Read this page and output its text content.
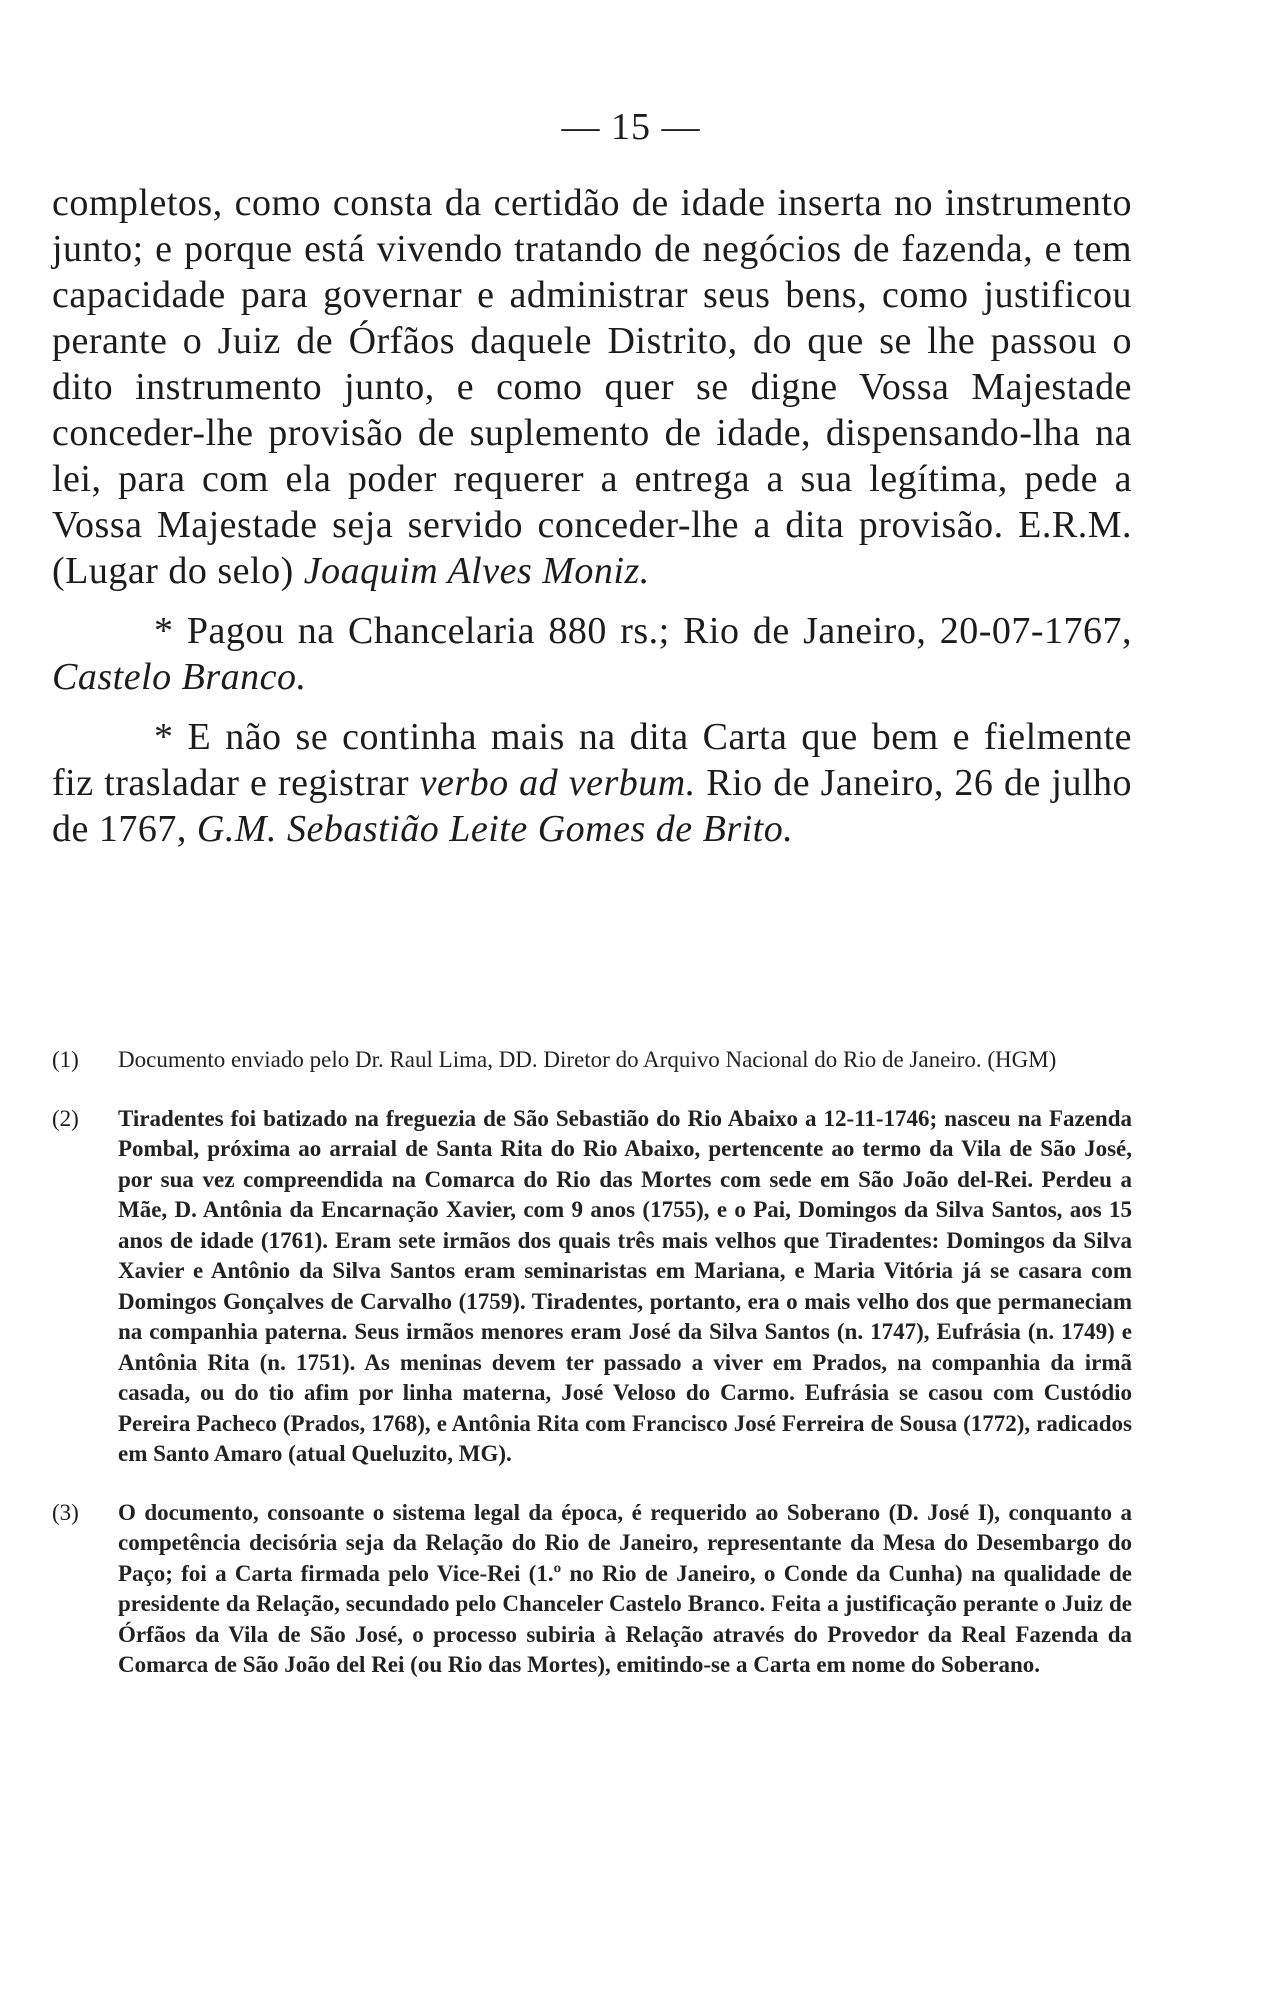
— 15 —

completos, como consta da certidão de idade inserta no instrumento junto; e porque está vivendo tratando de negócios de fazenda, e tem capacidade para governar e administrar seus bens, como justificou perante o Juiz de Órfãos daquele Distrito, do que se lhe passou o dito instrumento junto, e como quer se digne Vossa Majestade conceder-lhe provisão de suplemento de idade, dispensando-lha na lei, para com ela poder requerer a entrega a sua legítima, pede a Vossa Majestade seja servido conceder-lhe a dita provisão. E.R.M. (Lugar do selo) Joaquim Alves Moniz.

* Pagou na Chancelaria 880 rs.; Rio de Janeiro, 20-07-1767, Castelo Branco.

* E não se continha mais na dita Carta que bem e fielmente fiz trasladar e registrar verbo ad verbum. Rio de Janeiro, 26 de julho de 1767, G.M. Sebastião Leite Gomes de Brito.

(1)	Documento enviado pelo Dr. Raul Lima, DD. Diretor do Arquivo Nacional do Rio de Janeiro. (HGM)
(2)	Tiradentes foi batizado na freguezia de São Sebastião do Rio Abaixo a 12-11-1746; nasceu na Fazenda Pombal, próxima ao arraial de Santa Rita do Rio Abaixo, pertencente ao termo da Vila de São José, por sua vez compreendida na Comarca do Rio das Mortes com sede em São João del-Rei. Perdeu a Mãe, D. Antônia da Encarnação Xavier, com 9 anos (1755), e o Pai, Domingos da Silva Santos, aos 15 anos de idade (1761). Eram sete irmãos dos quais três mais velhos que Tiradentes: Domingos da Silva Xavier e Antônio da Silva Santos eram seminaristas em Mariana, e Maria Vitória já se casara com Domingos Gonçalves de Carvalho (1759). Tiradentes, portanto, era o mais velho dos que permaneciam na companhia paterna. Seus irmãos menores eram José da Silva Santos (n. 1747), Eufrásia (n. 1749) e Antônia Rita (n. 1751). As meninas devem ter passado a viver em Prados, na companhia da irmã casada, ou do tio afim por linha materna, José Veloso do Carmo. Eufrásia se casou com Custódio Pereira Pacheco (Prados, 1768), e Antônia Rita com Francisco José Ferreira de Sousa (1772), radicados em Santo Amaro (atual Queluzito, MG).
(3)	O documento, consoante o sistema legal da época, é requerido ao Soberano (D. José I), conquanto a competência decisória seja da Relação do Rio de Janeiro, representante da Mesa do Desembargo do Paço; foi a Carta firmada pelo Vice-Rei (1.º no Rio de Janeiro, o Conde da Cunha) na qualidade de presidente da Relação, secundado pelo Chanceler Castelo Branco. Feita a justificação perante o Juiz de Órfãos da Vila de São José, o processo subiria à Relação através do Provedor da Real Fazenda da Comarca de São João del Rei (ou Rio das Mortes), emitindo-se a Carta em nome do Soberano.
